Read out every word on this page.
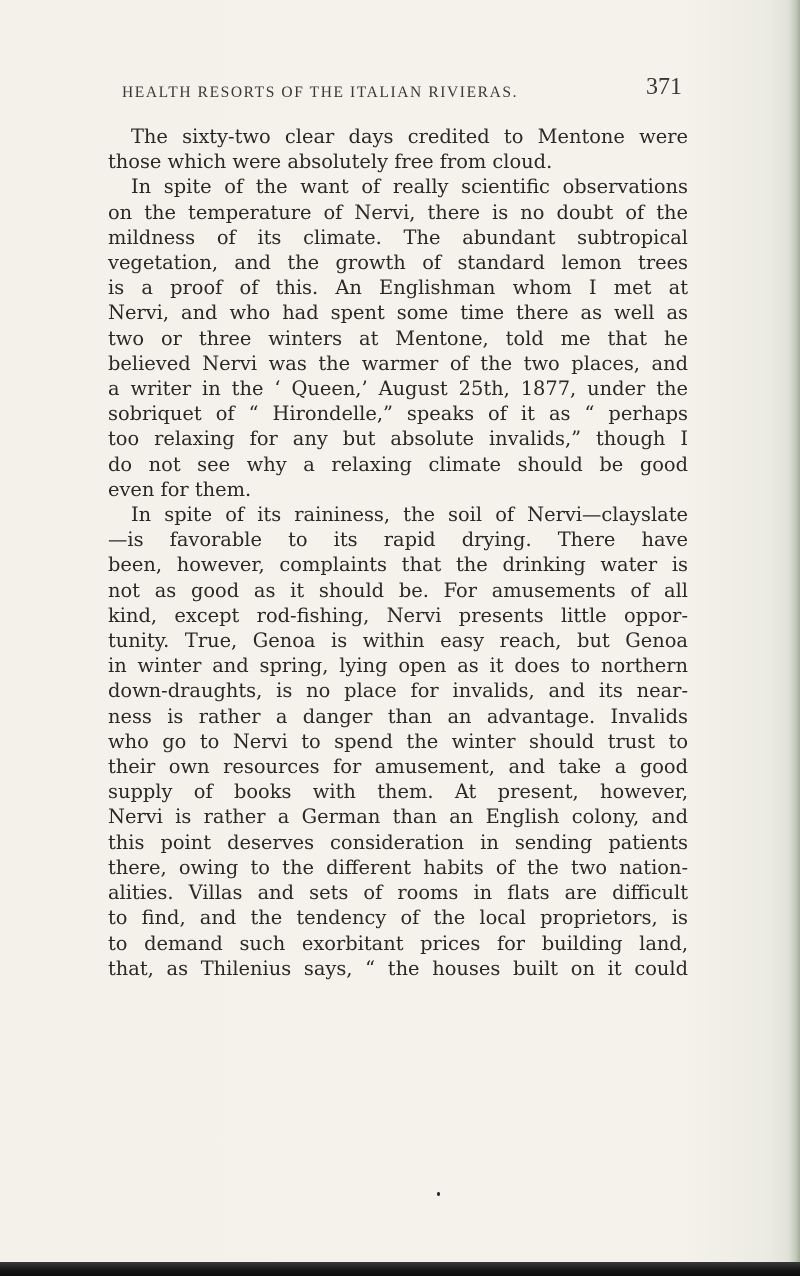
HEALTH RESORTS OF THE ITALIAN RIVIERAS.	371
The sixty-two clear days credited to Mentone were
those which were absolutely free from cloud.
In spite of the want of really scientific observations
on the temperature of Nervi, there is no doubt of the
mildness of its climate. The abundant subtropical
vegetation, and the growth of standard lemon trees
is a proof of this. An Englishman whom I met at
Nervi, and who had spent some time there as well as
two or three winters at Mentone, told me that he
believed Nervi was the warmer of the two places, and
a writer in the ‘ Queen,’ August 25th, 1877, under the
sobriquet of “ Hirondelle,” speaks of it as “ perhaps
too relaxing for any but absolute invalids,” though I
do not see why a relaxing climate should be good
even for them.
In spite of its raininess, the soil of Nervi—clayslate
—is favorable to its rapid drying. There have
been, however, complaints that the drinking water is
not as good as it should be. For amusements of all
kind, except rod-fishing, Nervi presents little oppor-
tunity. True, Genoa is within easy reach, but Genoa
in winter and spring, lying open as it does to northern
down-draughts, is no place for invalids, and its near-
ness is rather a danger than an advantage. Invalids
who go to Nervi to spend the winter should trust to
their own resources for amusement, and take a good
supply of books with them. At present, however,
Nervi is rather a German than an English colony, and
this point deserves consideration in sending patients
there, owing to the different habits of the two nation-
alities. Villas and sets of rooms in flats are difficult
to find, and the tendency of the local proprietors, is
to demand such exorbitant prices for building land,
that, as Thilenius says, “ the houses built on it could
